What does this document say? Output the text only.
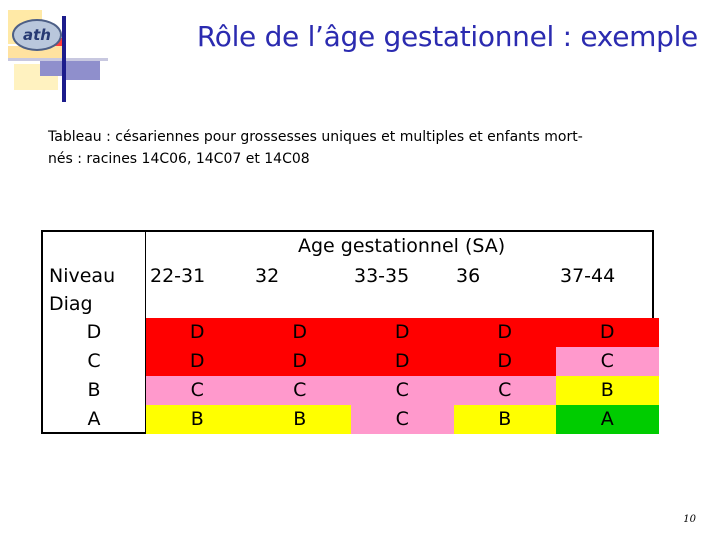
ath	Rôle de l’âge gestationnel : exemple
Tableau : césariennes pour grossesses uniques et multiples et enfants mort-
nés : racines 14C06, 14C07 et 14C08
Niveau
Diag
Age gestationnel (SA)
22-31	32	33-35 36	37-44
D	D	D	D	D	D
C	D	D	D	D	C
B	C	C	C	C	B
A	B	B	C	B	A
10
